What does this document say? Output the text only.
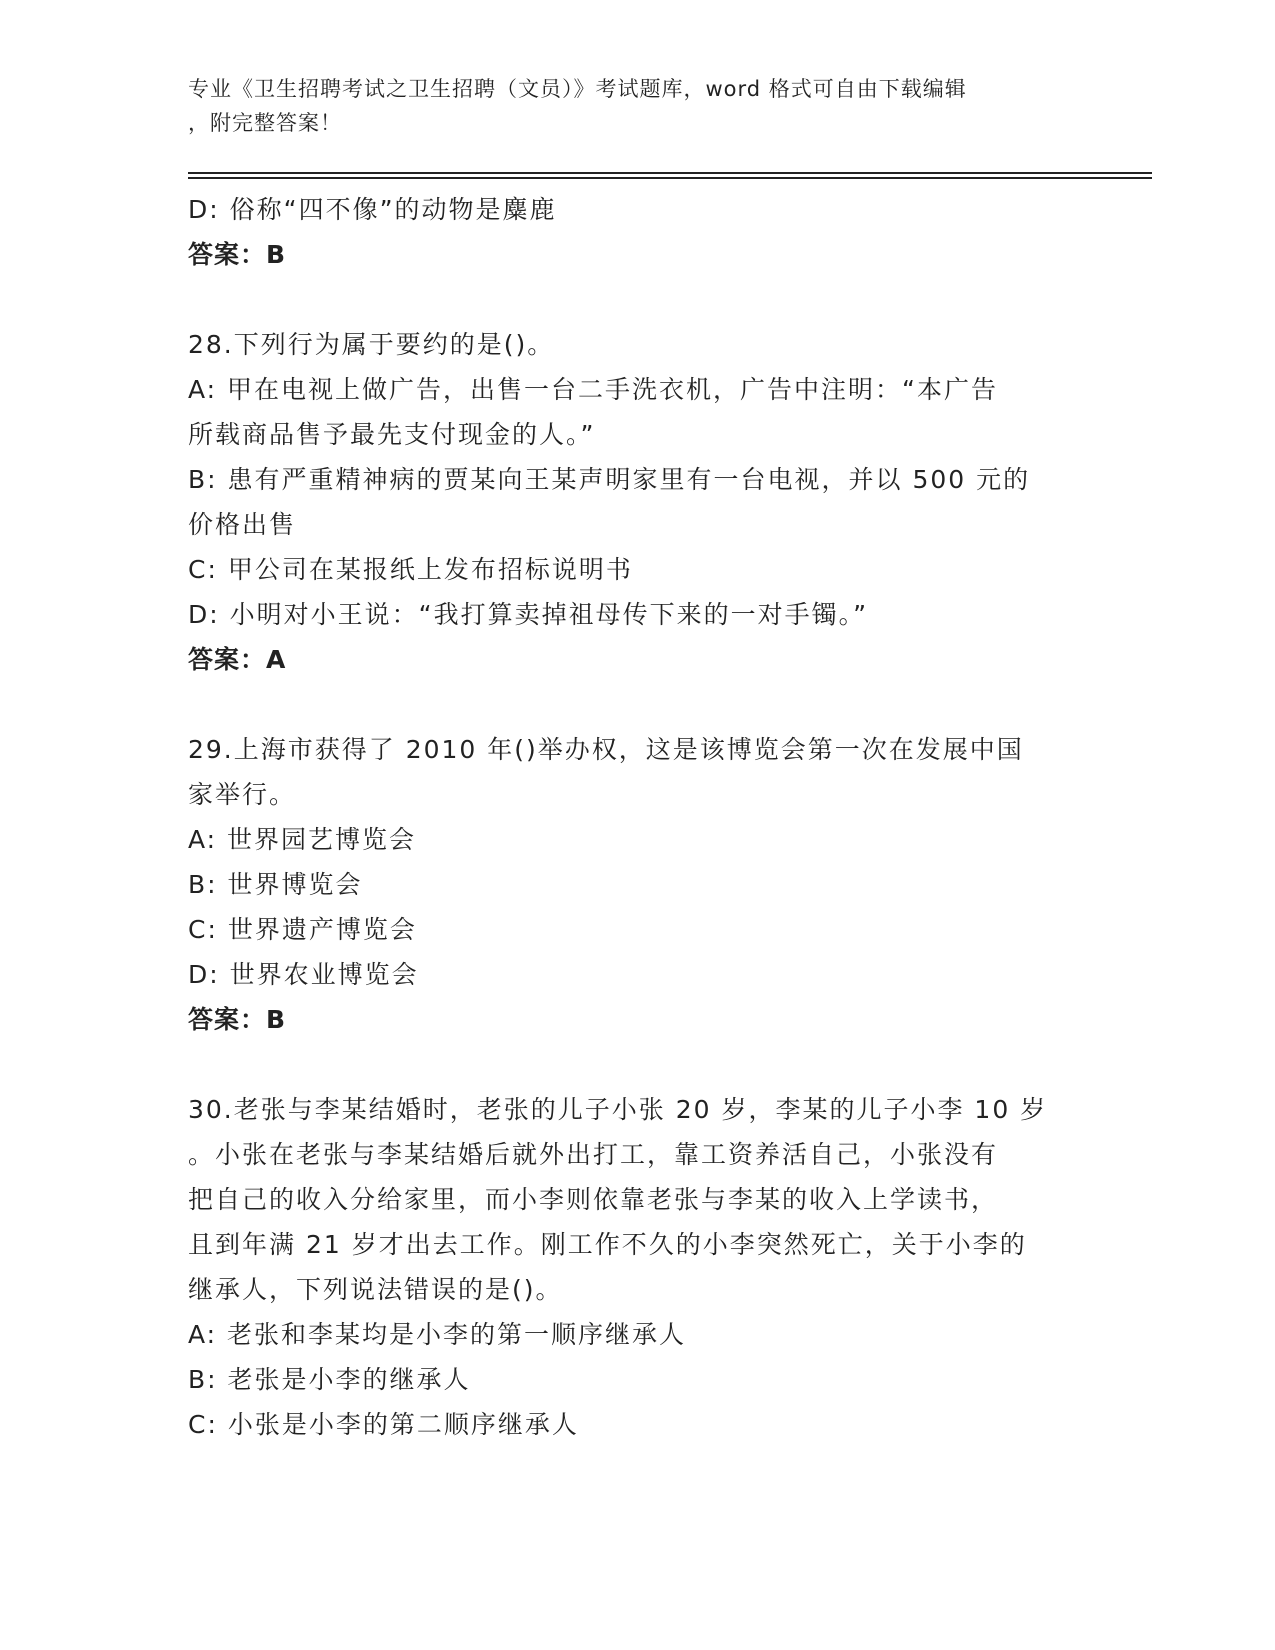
专业《卫生招聘考试之卫生招聘（文员）》考试题库，word 格式可自由下载编辑
，附完整答案！
D: 俗称“四不像”的动物是麋鹿
答案：B
28.下列行为属于要约的是()。
A: 甲在电视上做广告，出售一台二手洗衣机，广告中注明：“本广告
所载商品售予最先支付现金的人。”
B: 患有严重精神病的贾某向王某声明家里有一台电视，并以 500 元的
价格出售
C: 甲公司在某报纸上发布招标说明书
D: 小明对小王说：“我打算卖掉祖母传下来的一对手镯。”
答案：A
29.上海市获得了 2010 年()举办权，这是该博览会第一次在发展中国
家举行。
A: 世界园艺博览会
B: 世界博览会
C: 世界遗产博览会
D: 世界农业博览会
答案：B
30.老张与李某结婚时，老张的儿子小张 20 岁，李某的儿子小李 10 岁
。小张在老张与李某结婚后就外出打工，靠工资养活自己，小张没有
把自己的收入分给家里，而小李则依靠老张与李某的收入上学读书，
且到年满 21 岁才出去工作。刚工作不久的小李突然死亡，关于小李的
继承人，下列说法错误的是()。
A: 老张和李某均是小李的第一顺序继承人
B: 老张是小李的继承人
C: 小张是小李的第二顺序继承人
